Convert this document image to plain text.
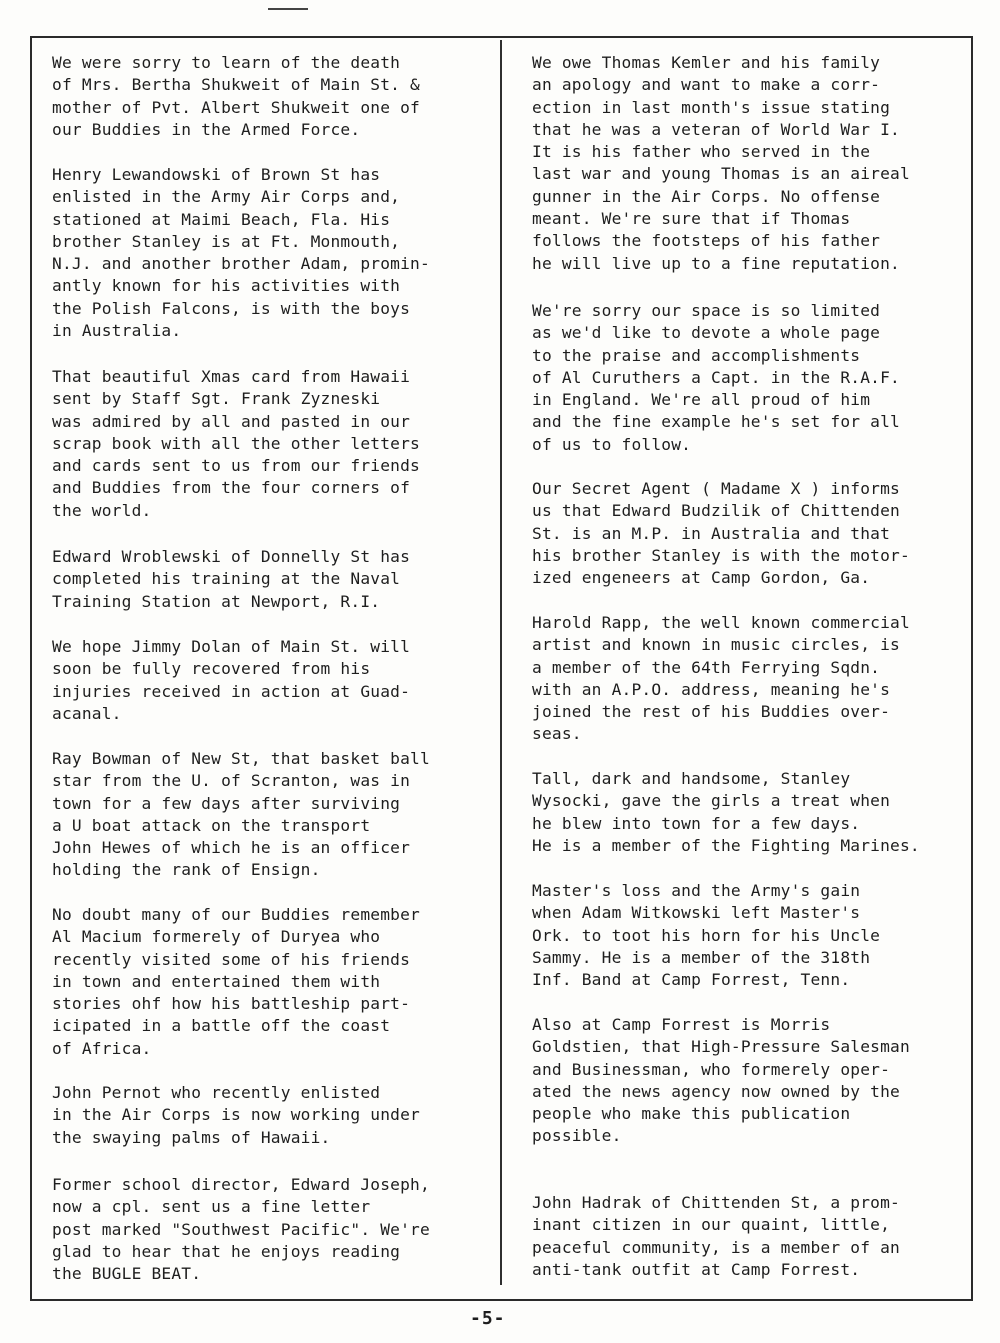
We were sorry to learn of the death
of Mrs. Bertha Shukweit of Main St. &
mother of Pvt. Albert Shukweit one of
our Buddies in the Armed Force.

Henry Lewandowski of Brown St has
enlisted in the Army Air Corps and,
stationed at Maimi Beach, Fla. His
brother Stanley is at Ft. Monmouth,
N.J. and another brother Adam, promin-
antly known for his activities with
the Polish Falcons, is with the boys
in Australia.

That beautiful Xmas card from Hawaii
sent by Staff Sgt. Frank Zyzneski
was admired by all and pasted in our
scrap book with all the other letters
and cards sent to us from our friends
and Buddies from the four corners of
the world.

Edward Wroblewski of Donnelly St has
completed his training at the Naval
Training Station at Newport, R.I.

We hope Jimmy Dolan of Main St. will
soon be fully recovered from his
injuries received in action at Guad-
acanal.

Ray Bowman of New St, that basket ball
star from the U. of Scranton, was in
town for a few days after surviving
a U boat attack on the transport
John Hewes of which he is an officer
holding the rank of Ensign.

No doubt many of our Buddies remember
Al Macium formerely of Duryea who
recently visited some of his friends
in town and entertained them with
stories ohf how his battleship part-
icipated in a battle off the coast
of Africa.

John Pernot who recently enlisted
in the Air Corps is now working under
the swaying palms of Hawaii.

Former school director, Edward Joseph,
now a cpl. sent us a fine letter
post marked "Southwest Pacific". We're
glad to hear that he enjoys reading
the BUGLE BEAT.

We owe Thomas Kemler and his family
an apology and want to make a corr-
ection in last month's issue stating
that he was a veteran of World War I.
It is his father who served in the
last war and young Thomas is an aireal
gunner in the Air Corps. No offense
meant. We're sure that if Thomas
follows the footsteps of his father
he will live up to a fine reputation.

We're sorry our space is so limited
as we'd like to devote a whole page
to the praise and accomplishments
of Al Curuthers a Capt. in the R.A.F.
in England. We're all proud of him
and the fine example he's set for all
of us to follow.

Our Secret Agent ( Madame X ) informs
us that Edward Budzilik of Chittenden
St. is an M.P. in Australia and that
his brother Stanley is with the motor-
ized engeneers at Camp Gordon, Ga.

Harold Rapp, the well known commercial
artist and known in music circles, is
a member of the 64th Ferrying Sqdn.
with an A.P.O. address, meaning he's
joined the rest of his Buddies over-
seas.

Tall, dark and handsome, Stanley
Wysocki, gave the girls a treat when
he blew into town for a few days.
He is a member of the Fighting Marines.

Master's loss and the Army's gain
when Adam Witkowski left Master's
Ork. to toot his horn for his Uncle
Sammy. He is a member of the 318th
Inf. Band at Camp Forrest, Tenn.

Also at Camp Forrest is Morris
Goldstien, that High-Pressure Salesman
and Businessman, who formerely oper-
ated the news agency now owned by the
people who make this publication
possible.

John Hadrak of Chittenden St, a prom-
inant citizen in our quaint, little,
peaceful community, is a member of an
anti-tank outfit at Camp Forrest.

-5-
